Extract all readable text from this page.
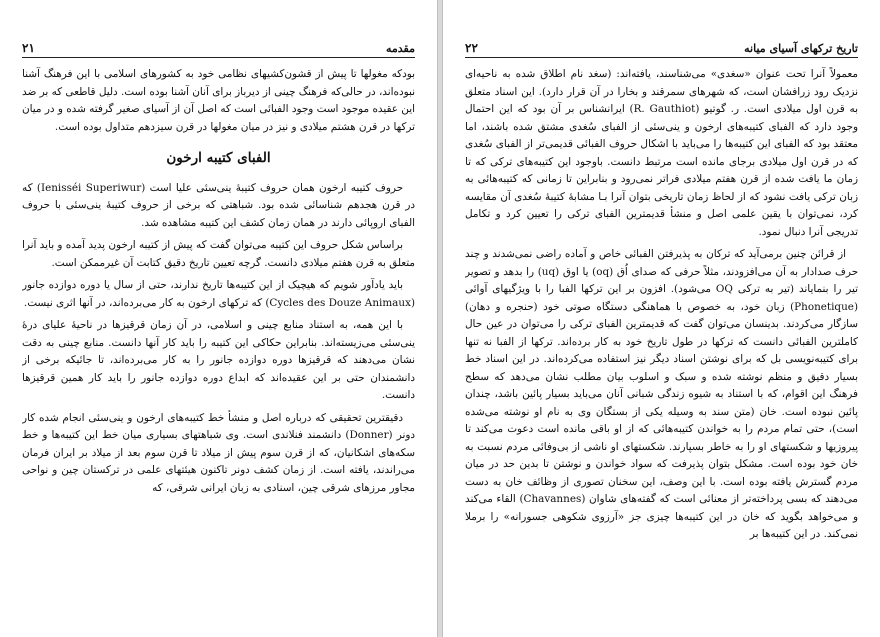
مقدمه
۲۱

بودکه مغولها تا پیش از قشون‌کشیهای نظامی خود به کشورهای اسلامی با این فرهنگ آشنا نبوده‌اند، در حالی‌که فرهنگ چینی از دیرباز برای آنان آشنا بوده است. دلیل قاطعی که بر ضد این عقیده موجود است وجود الفبائی است که اصل آن از آسیای صغیر گرفته شده و در میان ترکها در قرن هشتم میلادی و نیز در میان مغولها در قرن سیزدهم متداول بوده است.

الفبای کتیبه ارخون

حروف کتیبه ارخون همان حروف کتیبهٔ ینی‌سئی علیا است (Ienisséi Superiwur) که در قرن هجدهم شناسائی شده بود. شباهتی که برخی از حروف کتیبهٔ ینی‌سئی با حروف الفبای اروپائی دارند در همان زمان کشف این کتیبه مشاهده شد.

براساس شکل حروف این کتیبه می‌توان گفت که پیش از کتیبه ارخون پدید آمده و باید آنرا متعلق به قرن هفتم میلادی دانست. گرچه تعیین تاریخ دقیق کتابت آن غیرممکن است.

باید یادآور شویم که هیچیک از این کتیبه‌ها تاریخ ندارند، حتی از سال یا دوره دوازده جانور (Cycles des Douze Animaux) که ترکهای ارخون به کار می‌برده‌اند، در آنها اثری نیست.

با این همه، به استناد منابع چینی و اسلامی، در آن زمان قرقیزها در ناحیهٔ علیای درهٔ ینی‌سئی می‌زیسته‌اند. بنابراین حکاکی این کتیبه را باید کار آنها دانست. منابع چینی به دقت نشان می‌دهند که قرقیزها دوره دوازده جانور را به کار می‌برده‌اند، تا جائیکه برخی از دانشمندان حتی بر این عقیده‌اند که ابداع دوره دوازده جانور را باید کار همین قرقیزها دانست.

دقیقترین تحقیقی که درباره اصل و منشأ خط کتیبه‌های ارخون و ینی‌سئی انجام شده کار دونر (Donner) دانشمند فنلاندی است. وی شباهتهای بسیاری میان خط این کتیبه‌ها و خط سکه‌های اشکانیان، که از قرن سوم پیش از میلاد تا قرن سوم بعد از میلاد بر ایران فرمان می‌راندند، یافته است. از زمان کشف دونر تاکنون هیئتهای علمی در ترکستان چین و نواحی مجاور مرزهای شرقی چین، اسنادی به زبان ایرانی شرقی، که

تاریخ ترکهای آسیای میانه
۲۲

معمولاً آنرا تحت عنوان «سغدی» می‌شناسند، یافته‌اند: (سغد نام اطلاق شده به ناحیه‌ای نزدیک رود زرافشان است، که شهرهای سمرقند و بخارا در آن قرار دارد). این اسناد متعلق به قرن اول میلادی است. ر. گوتیو (R. Gauthiot) ایرانشناس بر آن بود که این احتمال وجود دارد که الفبای کتیبه‌های ارخون و ینی‌سئی از الفبای سُغدی مشتق شده باشند، اما معتقد بود که الفبای این کتیبه‌ها را می‌باید با اشکال حروف الفبائی قدیمی‌تر از الفبای سُغدی که در قرن اول میلادی برجای مانده است مرتبط دانست. باوجود این کتیبه‌های ترکی که تا زمان ما یافت شده از قرن هفتم میلادی فراتر نمی‌رود و بنابراین تا زمانی که کتیبه‌هائی به زبان ترکی یافت نشود که از لحاظ زمان تاریخی بتوان آنرا بـا مشابهٔ کتیبهٔ سُغدی آن مقایسه کرد، نمی‌توان با یقین علمی اصل و منشأ قدیمترین الفبای ترکی را تعیین کرد و تکامل تدریجی آنرا دنبال نمود.

از قرائن چنین برمی‌آید که ترکان به پذیرفتن الفبائی خاص و آماده راضی نمی‌شدند و چند حرف صدادار به آن می‌افزودند، مثلاً حرفی که صدای اُق (oq) یا اوق (uq) را بدهد و تصویر تیر را بنمایاند (تیر به ترکی OQ می‌شود). افزون بر این ترکها الفبا را با ویژگیهای آوائی (Phonetique) زبان خود، به خصوص با هماهنگی دستگاه صوتی خود (حنجره و دهان) سازگار می‌کردند. بدینسان می‌توان گفت که قدیمترین الفبای ترکی را می‌توان در عین حال کاملترین الفبائی دانست که ترکها در طول تاریخ خود به کار برده‌اند. ترکها از الفبا نه تنها برای کتیبه‌نویسی بل که برای نوشتن اسناد دیگر نیز استفاده می‌کرده‌اند. در این اسناد خط بسیار دقیق و منظم نوشته شده و سبک و اسلوب بیان مطلب نشان می‌دهد که سطح فرهنگ این اقوام، که با استناد به شیوه زندگی شبانی آنان می‌باید بسیار پائین باشد، چندان پائین نبوده است. خان (متن سند به وسیله یکی از بستگان وی به نام او نوشته می‌شده است)، حتی تمام مردم را به خواندن کتیبه‌هائی که از او باقی مانده است دعوت می‌کند تا پیروزیها و شکستهای او را به خاطر بسپارند. شکستهای او ناشی از بی‌وفائی مردم نسبت به خان خود بوده است. مشکل بتوان پذیرفت که سواد خواندن و نوشتن تا بدین حد در میان مردم گسترش یافته بوده است. با این وصف، این سخنان تصوری از وظائف خان به دست می‌دهند که بسی پرداخته‌تر از معنائی است که گفته‌های شاوان (Chavannes) القاء می‌کند و می‌خواهد بگوید که خان در این کتیبه‌ها چیزی جز «آرزوی شکوهی جسورانه» را برملا نمی‌کند. در این کتیبه‌ها بر
